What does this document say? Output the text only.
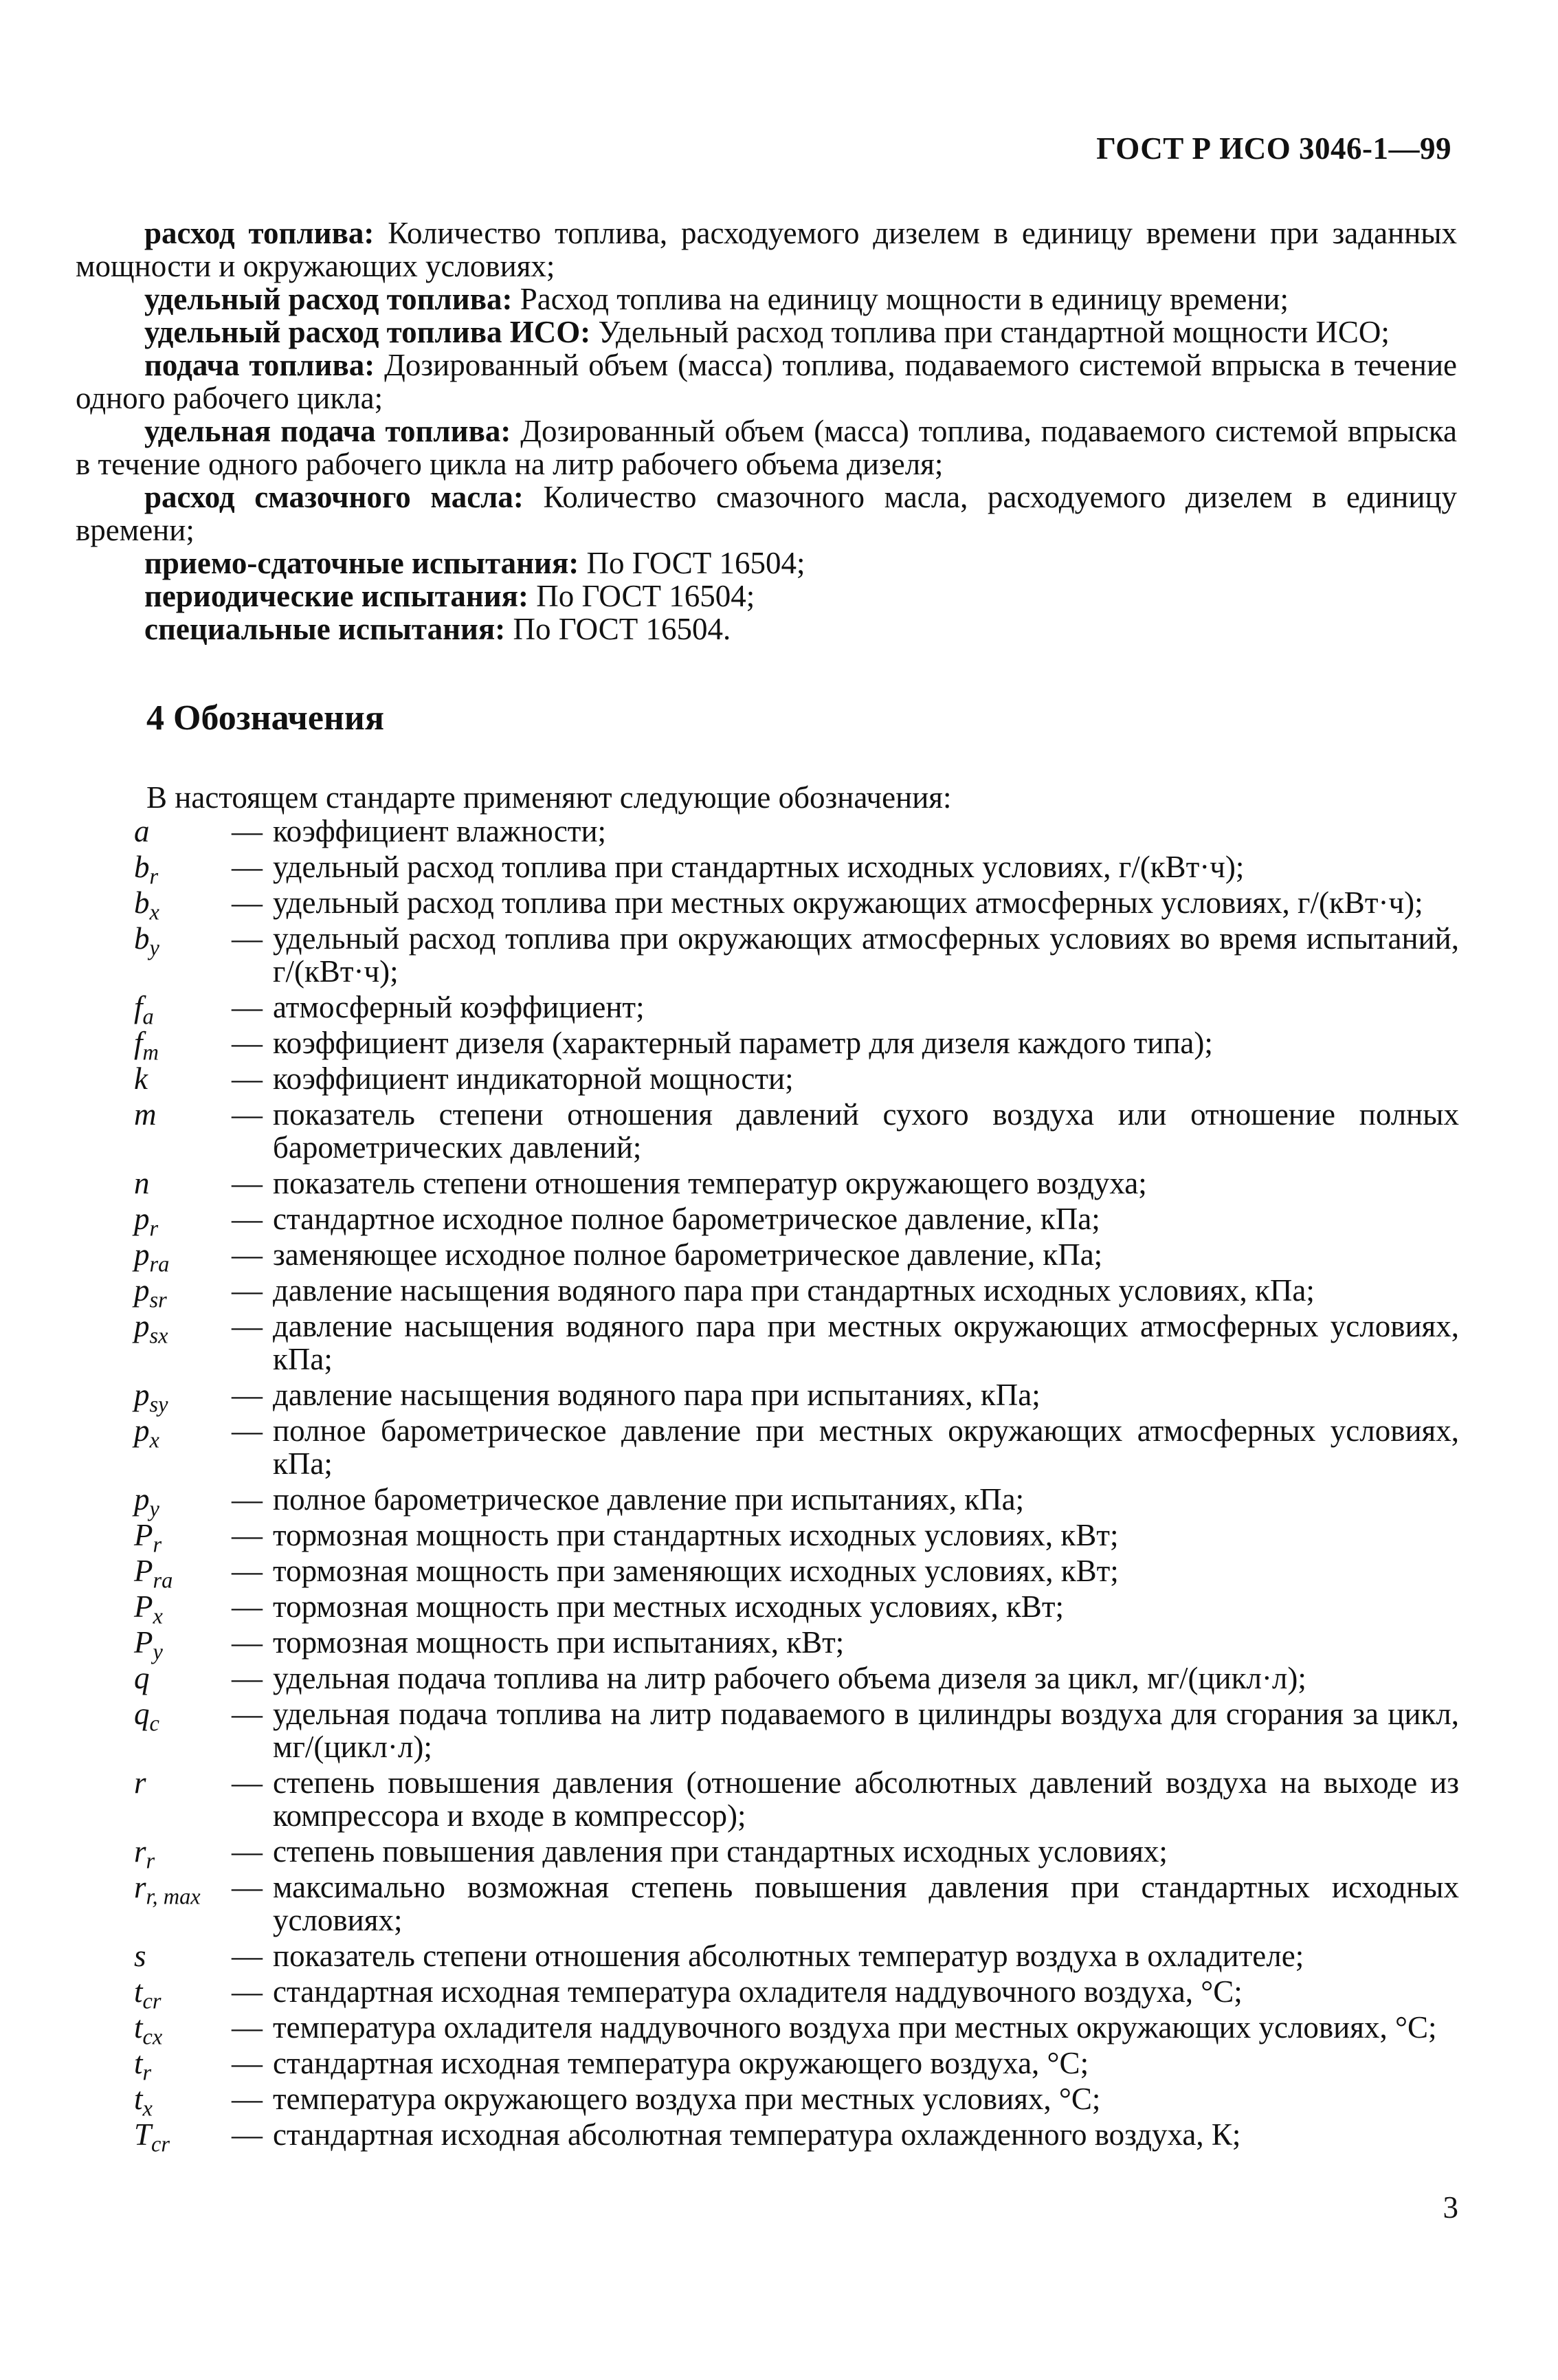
ГОСТ Р ИСО 3046-1—99

расход топлива: Количество топлива, расходуемого дизелем в единицу времени при заданных мощности и окружающих условиях;

удельный расход топлива: Расход топлива на единицу мощности в единицу времени;

удельный расход топлива ИСО: Удельный расход топлива при стандартной мощности ИСО;

подача топлива: Дозированный объем (масса) топлива, подаваемого системой впрыска в течение одного рабочего цикла;

удельная подача топлива: Дозированный объем (масса) топлива, подаваемого системой впрыска в течение одного рабочего цикла на литр рабочего объема дизеля;

расход смазочного масла: Количество смазочного масла, расходуемого дизелем в единицу времени;

приемо-сдаточные испытания: По ГОСТ 16504;

периодические испытания: По ГОСТ 16504;

специальные испытания: По ГОСТ 16504.

4 Обозначения
В настоящем стандарте применяют следующие обозначения:
a	— коэффициент влажности;
$b_r$	— удельный расход топлива при стандартных исходных условиях, г/(кВт·ч);
$b_x$	— удельный расход топлива при местных окружающих атмосферных условиях, г/(кВт·ч);
$b_y$	— удельный расход топлива при окружающих атмосферных условиях во время испытаний, г/(кВт·ч);
$f_a$	— атмосферный коэффициент;
$f_m$	— коэффициент дизеля (характерный параметр для дизеля каждого типа);
k	— коэффициент индикаторной мощности;
m	— показатель степени отношения давлений сухого воздуха или отношение полных барометрических давлений;
n	— показатель степени отношения температур окружающего воздуха;
$p_r$	— стандартное исходное полное барометрическое давление, кПа;
$p_{ra}$	— заменяющее исходное полное барометрическое давление, кПа;
$p_{sr}$	— давление насыщения водяного пара при стандартных исходных условиях, кПа;
$p_{sx}$	— давление насыщения водяного пара при местных окружающих атмосферных условиях, кПа;
$p_{sy}$	— давление насыщения водяного пара при испытаниях, кПа;
$p_x$	— полное барометрическое давление при местных окружающих атмосферных условиях, кПа;
$p_y$	— полное барометрическое давление при испытаниях, кПа;
$P_r$	— тормозная мощность при стандартных исходных условиях, кВт;
$P_{ra}$	— тормозная мощность при заменяющих исходных условиях, кВт;
$P_x$	— тормозная мощность при местных исходных условиях, кВт;
$P_y$	— тормозная мощность при испытаниях, кВт;
q	— удельная подача топлива на литр рабочего объема дизеля за цикл, мг/(цикл·л);
$q_c$	— удельная подача топлива на литр подаваемого в цилиндры воздуха для сгорания за цикл, мг/(цикл·л);
r	— степень повышения давления (отношение абсолютных давлений воздуха на выходе из компрессора и входе в компрессор);
$r_r$	— степень повышения давления при стандартных исходных условиях;
$r_{r, max}$	— максимально возможная степень повышения давления при стандартных исходных условиях;
s	— показатель степени отношения абсолютных температур воздуха в охладителе;
$t_{cr}$	— стандартная исходная температура охладителя наддувочного воздуха, °С;
$t_{cx}$	— температура охладителя наддувочного воздуха при местных окружающих условиях, °С;
$t_r$	— стандартная исходная температура окружающего воздуха, °С;
$t_x$	— температура окружающего воздуха при местных условиях, °С;
$T_{cr}$	— стандартная исходная абсолютная температура охлажденного воздуха, К;
3
